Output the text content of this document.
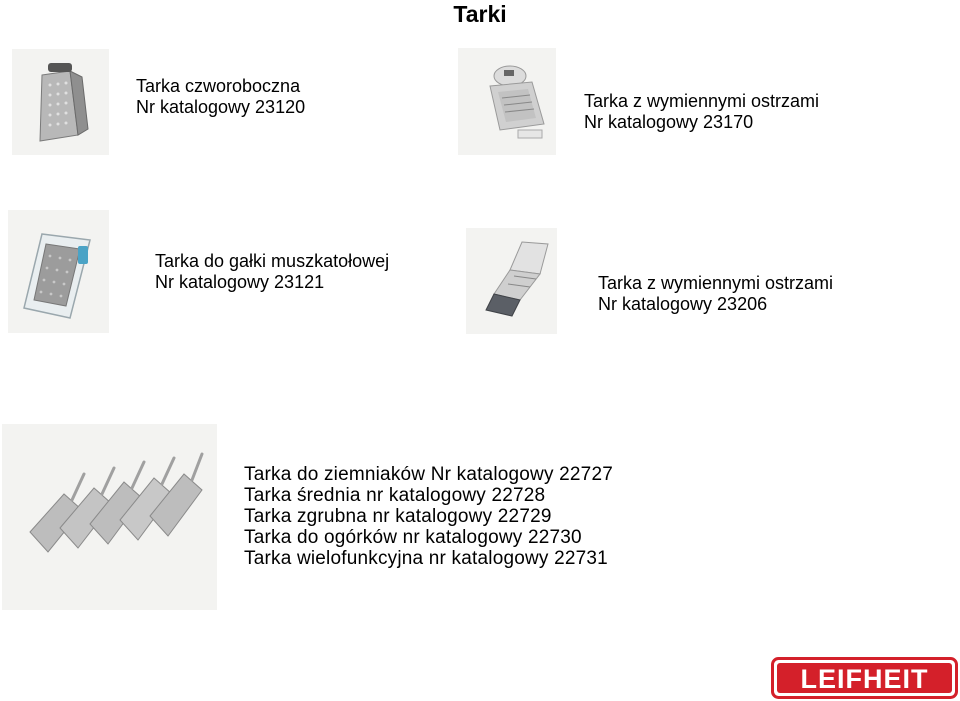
Tarki
Tarka czworoboczna
Nr katalogowy 23120	Tarka z wymiennymi ostrzami
Nr katalogowy 23170
Tarka do gałki muszkatołowej
Nr katalogowy 23121	Tarka z wymiennymi ostrzami
Nr katalogowy 23206
Tarka do ziemniaków Nr katalogowy 22727
Tarka średnia nr katalogowy 22728
Tarka zgrubna nr katalogowy 22729
Tarka do ogórków nr katalogowy 22730
Tarka wielofunkcyjna nr katalogowy 22731
LEIFHEIT
